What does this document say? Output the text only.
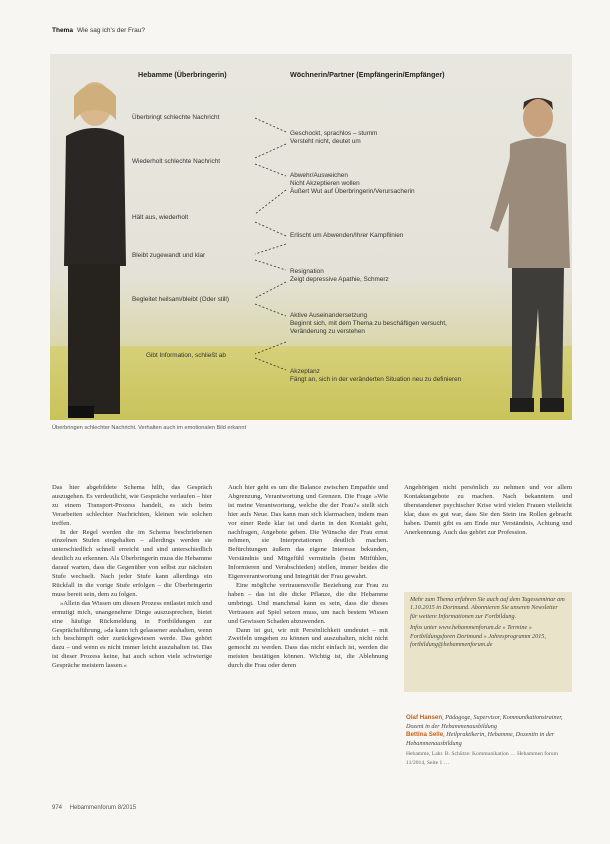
Thema Wie sag ich's der Frau?
Hebamme (Überbringerin)	Wöchnerin/Partner (Empfängerin/Empfänger)
Überbringt schlechte Nachricht
Wiederholt schlechte Nachricht
Hält aus, wiederholt
Bleibt zugewandt und klar
Begleitet heilsam/bleibt (Oder still)
Gibt Information, schließt ab
Geschockt, sprachlos – stumm
Versteht nicht, deutet um
Abwehr/Ausweichen
Nicht Akzeptieren wollen
Äußert Wut auf Überbringerin/Verursacherin
Erlischt um Abwenden/Ihrer Kampflinien
Resignation
Zeigt depressive Apathie, Schmerz
Aktive Auseinandersetzung
Beginnt sich, mit dem Thema zu beschäftigen versucht,
Veränderung zu verstehen
Akzeptanz
Fängt an, sich in der veränderten Situation neu zu definieren
Überbringen schlechter Nachricht. Verhalten auch im emotionalen Bild erkannt

Das hier abgebildete Schema hilft, das Gespräch auszugehen. Es verdeutlicht, wie Gespräche verlaufen – hier zu einem Transport-Prozess handelt, es sich beim Verarbeiten schlechter Nachrichten, kleinen wie solchen treffen.

In der Regel werden die im Schema beschriebenen einzelnen Stufen eingehalten – allerdings werden sie unterschiedlich schnell erreicht und sind unterschiedlich deutlich zu erkennen. Als Überbringerin muss die Hebamme darauf warten, dass die Gegenüber von selbst zur nächsten Stufe wechselt. Nach jeder Stufe kann allerdings ein Rückfall in die vorige Stufe erfolgen – die Überbringerin muss bereit sein, dem zu folgen.

»Allein das Wissen um diesen Prozess entlastet mich und ermutigt mich, unangenehme Dinge auszusprechen, bietet eine häufige Rückmeldung in Fortbildungen zur Gesprächsführung, »da kann ich gelassener aushalten, wenn ich beschimpft oder zurückgewiesen werde. Das gehört dazu – und wenn es nicht immer leicht auszuhalten ist. Das ist dieser Prozess keine, hat auch schon viele schwierige Gespräche meistern lassen.«

Auch hier geht es um die Balance zwischen Empathie und Abgrenzung, Verantwortung und Grenzen. Die Frage »Wie ist meine Verantwortung, welche die der Frau?« stellt sich hier aufs Neue. Das kann man sich klarmachen, indem man vor einer Rede klar ist und darin in den Kontakt geht, nachfragen, Angebote geben. Die Wünsche der Frau ernst nehmen, sie Interpretationen deutlich machen. Befürchtungen äußern das eigene Interesse bekunden, Verständnis und Mitgefühl vermitteln (beim Mitfühlen, Informieren und Verabschieden) stellen, immer beides die Eigenverantwortung und Integrität der Frau gewahrt.

Eine mögliche vertrauensvolle Beziehung zur Frau zu haben – das ist die dicke Pflanze, die die Hebamme umbringt. Und manchmal kann es sein, dass die dieses Vertrauen auf Spiel setzen muss, um nach bestem Wissen und Gewissen Schaden abzuwenden.

Dann ist gut, wir mit Persönlichkeit umdeutet – mit Zweifeln umgehen zu können und auszuhalten, nicht nicht gemocht zu werden. Dass das nicht einfach ist, werden die meisten bestätigen können. Wichtig ist, die Ablehnung durch die Frau oder deren

Angehörigen nicht persönlich zu nehmen und vor allem Kontaktangebote zu machen. Nach bekanntem und überstandener psychischer Krise wird vielen Frauen vielleicht klar, dass es gut war, dass Sie den Stein ins Rollen gebracht haben. Damit gibt es am Ende nur Verständnis, Achtung und Anerkennung. Auch das gehört zur Profession.

Mehr zum Thema erfahren Sie auch auf dem Tagesseminar am 1.10.2015 in Dortmund. Abonnieren Sie unseren Newsletter für weitere Informationen zur Fortbildung.

Infos unter www.hebammenforum.de » Termine » Fortbildungsforen Dortmund » Jahresprogramm 2015, fortbildung@hebammenforum.de

Olaf Hansen, Pädagoge, Supervisor, Kommunikationstrainer, Dozent in der Hebammenausbildung
Bettina Selle, Heilpraktikerin, Hebamme, Dozentin in der Hebammenausbildung
Hebamme, Lahr. B. Schütze: Kommunikation … Hebammen forum 11/2014, Seite 1 …
974 Hebammenforum 8/2015
